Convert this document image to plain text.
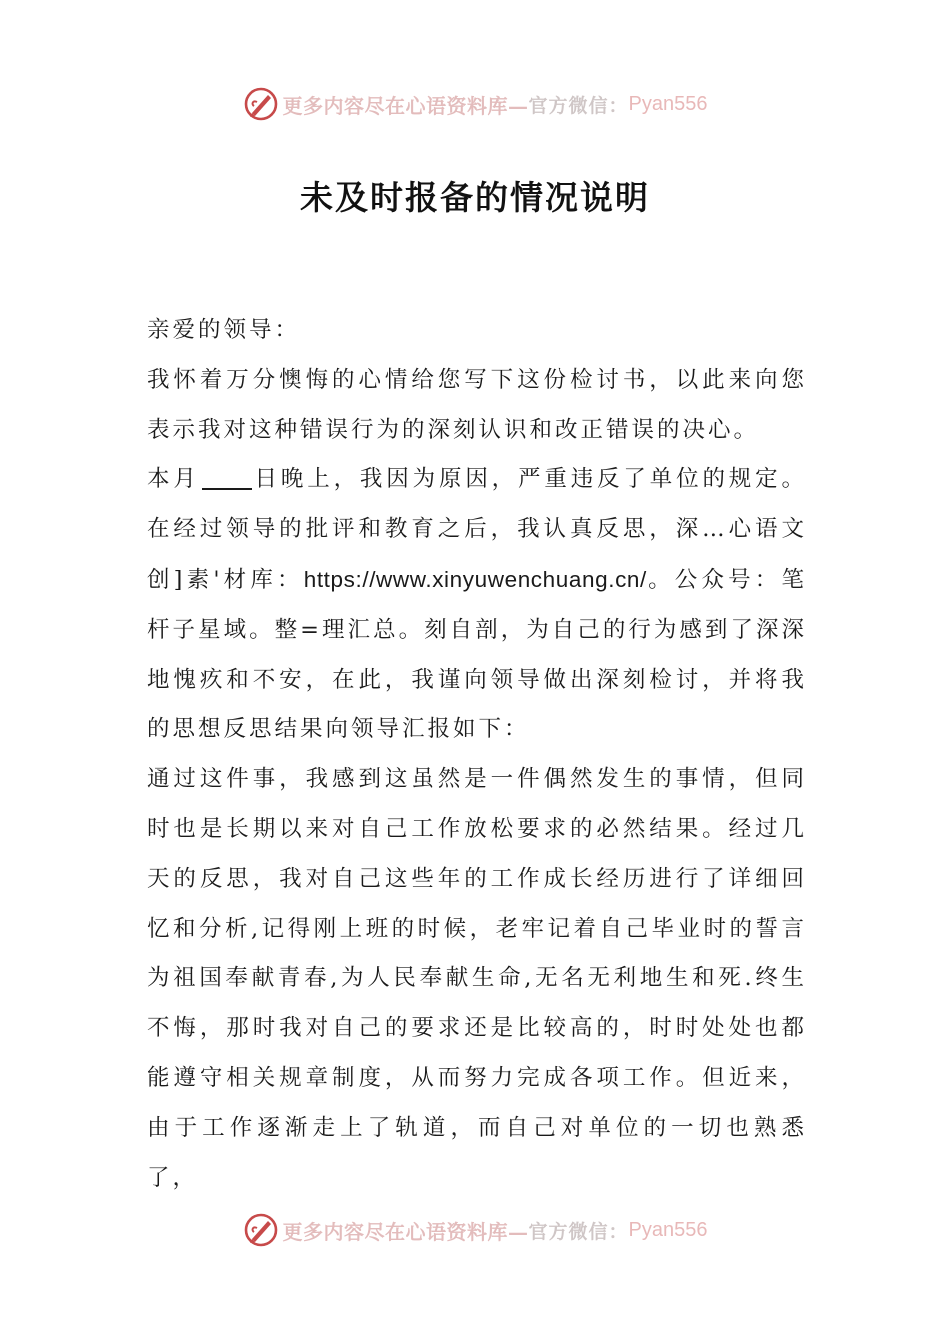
更多内容尽在心语资料库— 官方微信： Pyan556
未及时报备的情况说明

亲爱的领导：

我怀着万分懊悔的心情给您写下这份检讨书，以此来向您表示我对这种错误行为的深刻认识和改正错误的决心。

本月 日晚上，我因为原因，严重违反了单位的规定。在经过领导的批评和教育之后，我认真反思，深…心语文创]素'材库：https://www.xinyuwenchuang.cn/。公众号：笔杆子星域。整=理汇总。刻自剖，为自己的行为感到了深深地愧疚和不安，在此，我谨向领导做出深刻检讨，并将我的思想反思结果向领导汇报如下：

通过这件事，我感到这虽然是一件偶然发生的事情，但同时也是长期以来对自己工作放松要求的必然结果。经过几天的反思，我对自己这些年的工作成长经历进行了详细回忆和分析,记得刚上班的时候，老牢记着自己毕业时的誓言为祖国奉献青春,为人民奉献生命,无名无利地生和死.终生不悔，那时我对自己的要求还是比较高的，时时处处也都能遵守相关规章制度，从而努力完成各项工作。但近来，由于工作逐渐走上了轨道，而自己对单位的一切也熟悉了，

更多内容尽在心语资料库— 官方微信： Pyan556
